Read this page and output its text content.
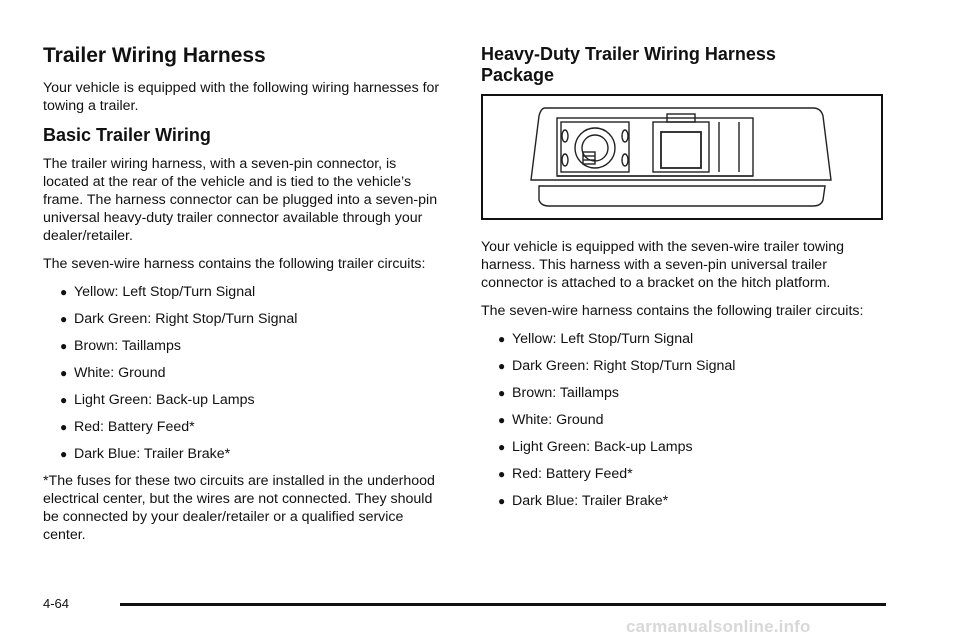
Trailer Wiring Harness

Your vehicle is equipped with the following wiring harnesses for towing a trailer.

Basic Trailer Wiring

The trailer wiring harness, with a seven-pin connector, is located at the rear of the vehicle and is tied to the vehicle’s frame. The harness connector can be plugged into a seven-pin universal heavy-duty trailer connector available through your dealer/retailer.

The seven-wire harness contains the following trailer circuits:

● Yellow: Left Stop/Turn Signal
● Dark Green: Right Stop/Turn Signal
● Brown: Taillamps
● White: Ground
● Light Green: Back-up Lamps
● Red: Battery Feed*
● Dark Blue: Trailer Brake*

*The fuses for these two circuits are installed in the underhood electrical center, but the wires are not connected. They should be connected by your dealer/retailer or a qualified service center.

Heavy-Duty Trailer Wiring Harness Package

Your vehicle is equipped with the seven-wire trailer towing harness. This harness with a seven-pin universal trailer connector is attached to a bracket on the hitch platform.

The seven-wire harness contains the following trailer circuits:

● Yellow: Left Stop/Turn Signal
● Dark Green: Right Stop/Turn Signal
● Brown: Taillamps
● White: Ground
● Light Green: Back-up Lamps
● Red: Battery Feed*
● Dark Blue: Trailer Brake*
4-64
carmanualsonline.info
